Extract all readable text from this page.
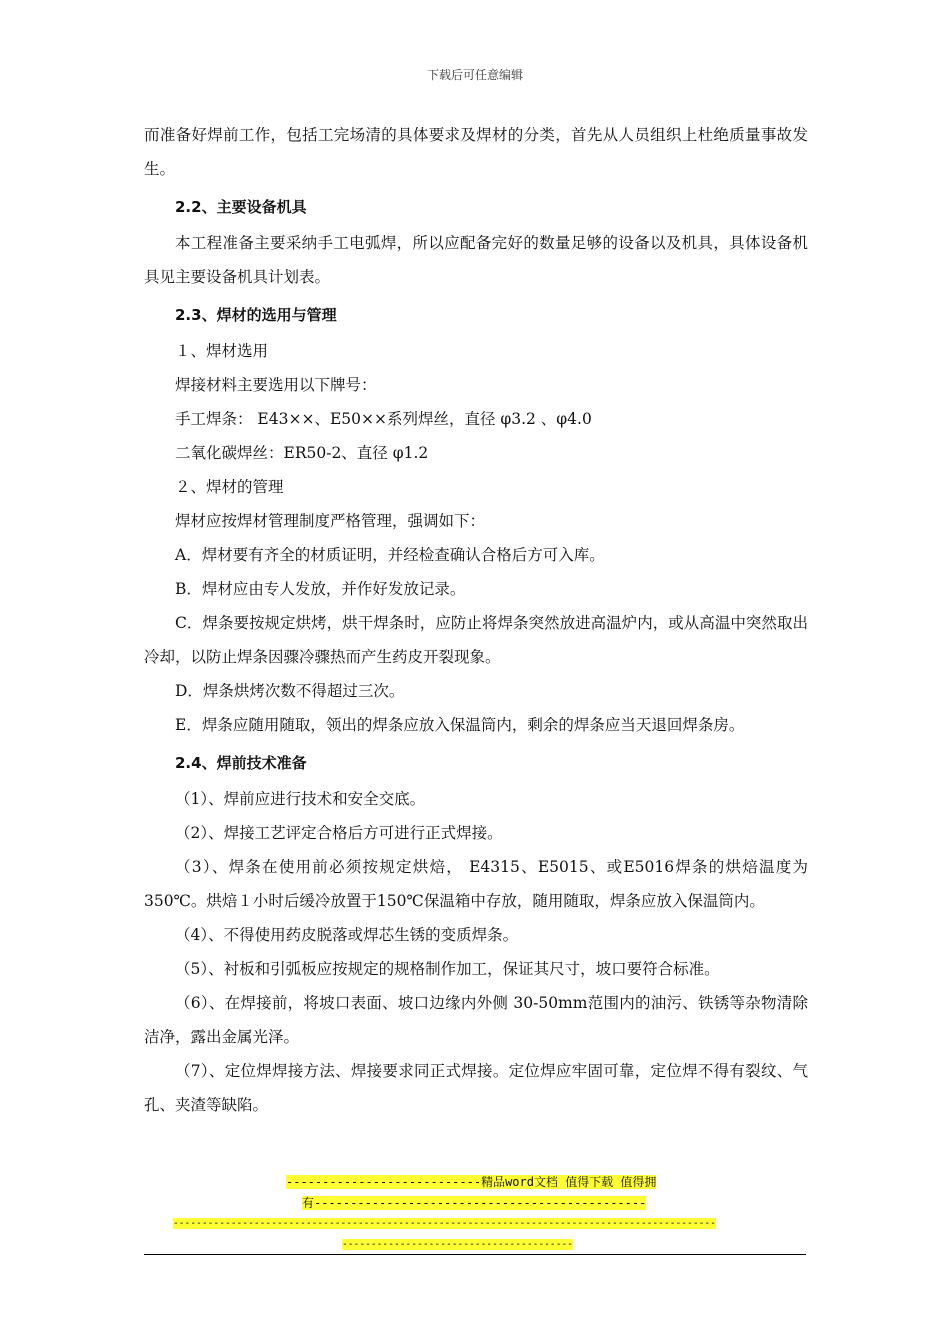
下载后可任意编辑

而准备好焊前工作，包括工完场清的具体要求及焊材的分类，首先从人员组织上杜绝质量事故发生。

2.2、主要设备机具

本工程准备主要采纳手工电弧焊，所以应配备完好的数量足够的设备以及机具，具体设备机具见主要设备机具计划表。

2.3、焊材的选用与管理

１、焊材选用

焊接材料主要选用以下牌号：

手工焊条： E43××、E50××系列焊丝，直径 φ3.2 、φ4.0

二氧化碳焊丝：ER50-2、直径 φ1.2

２、焊材的管理

焊材应按焊材管理制度严格管理，强调如下：

A．焊材要有齐全的材质证明，并经检查确认合格后方可入库。

B．焊材应由专人发放，并作好发放记录。

C．焊条要按规定烘烤，烘干焊条时，应防止将焊条突然放进高温炉内，或从高温中突然取出冷却，以防止焊条因骤冷骤热而产生药皮开裂现象。

D．焊条烘烤次数不得超过三次。

E．焊条应随用随取，领出的焊条应放入保温筒内，剩余的焊条应当天退回焊条房。

2.4、焊前技术准备

（1）、焊前应进行技术和安全交底。

（2）、焊接工艺评定合格后方可进行正式焊接。

（3）、焊条在使用前必须按规定烘焙， E4315、E5015、或E5016焊条的烘焙温度为350℃。烘焙１小时后缓冷放置于150℃保温箱中存放，随用随取，焊条应放入保温筒内。

（4）、不得使用药皮脱落或焊芯生锈的变质焊条。

（5）、衬板和引弧板应按规定的规格制作加工，保证其尺寸，坡口要符合标准。

（6）、在焊接前，将坡口表面、坡口边缘内外侧 30-50mm范围内的油污、铁锈等杂物清除洁净，露出金属光泽。

（7）、定位焊焊接方法、焊接要求同正式焊接。定位焊应牢固可靠，定位焊不得有裂纹、气孔、夹渣等缺陷。

---------------------------精品word文档 值得下载 值得拥
有----------------------------------------------
----------------------------------------------------------------------------------------------
----------------------------------------
